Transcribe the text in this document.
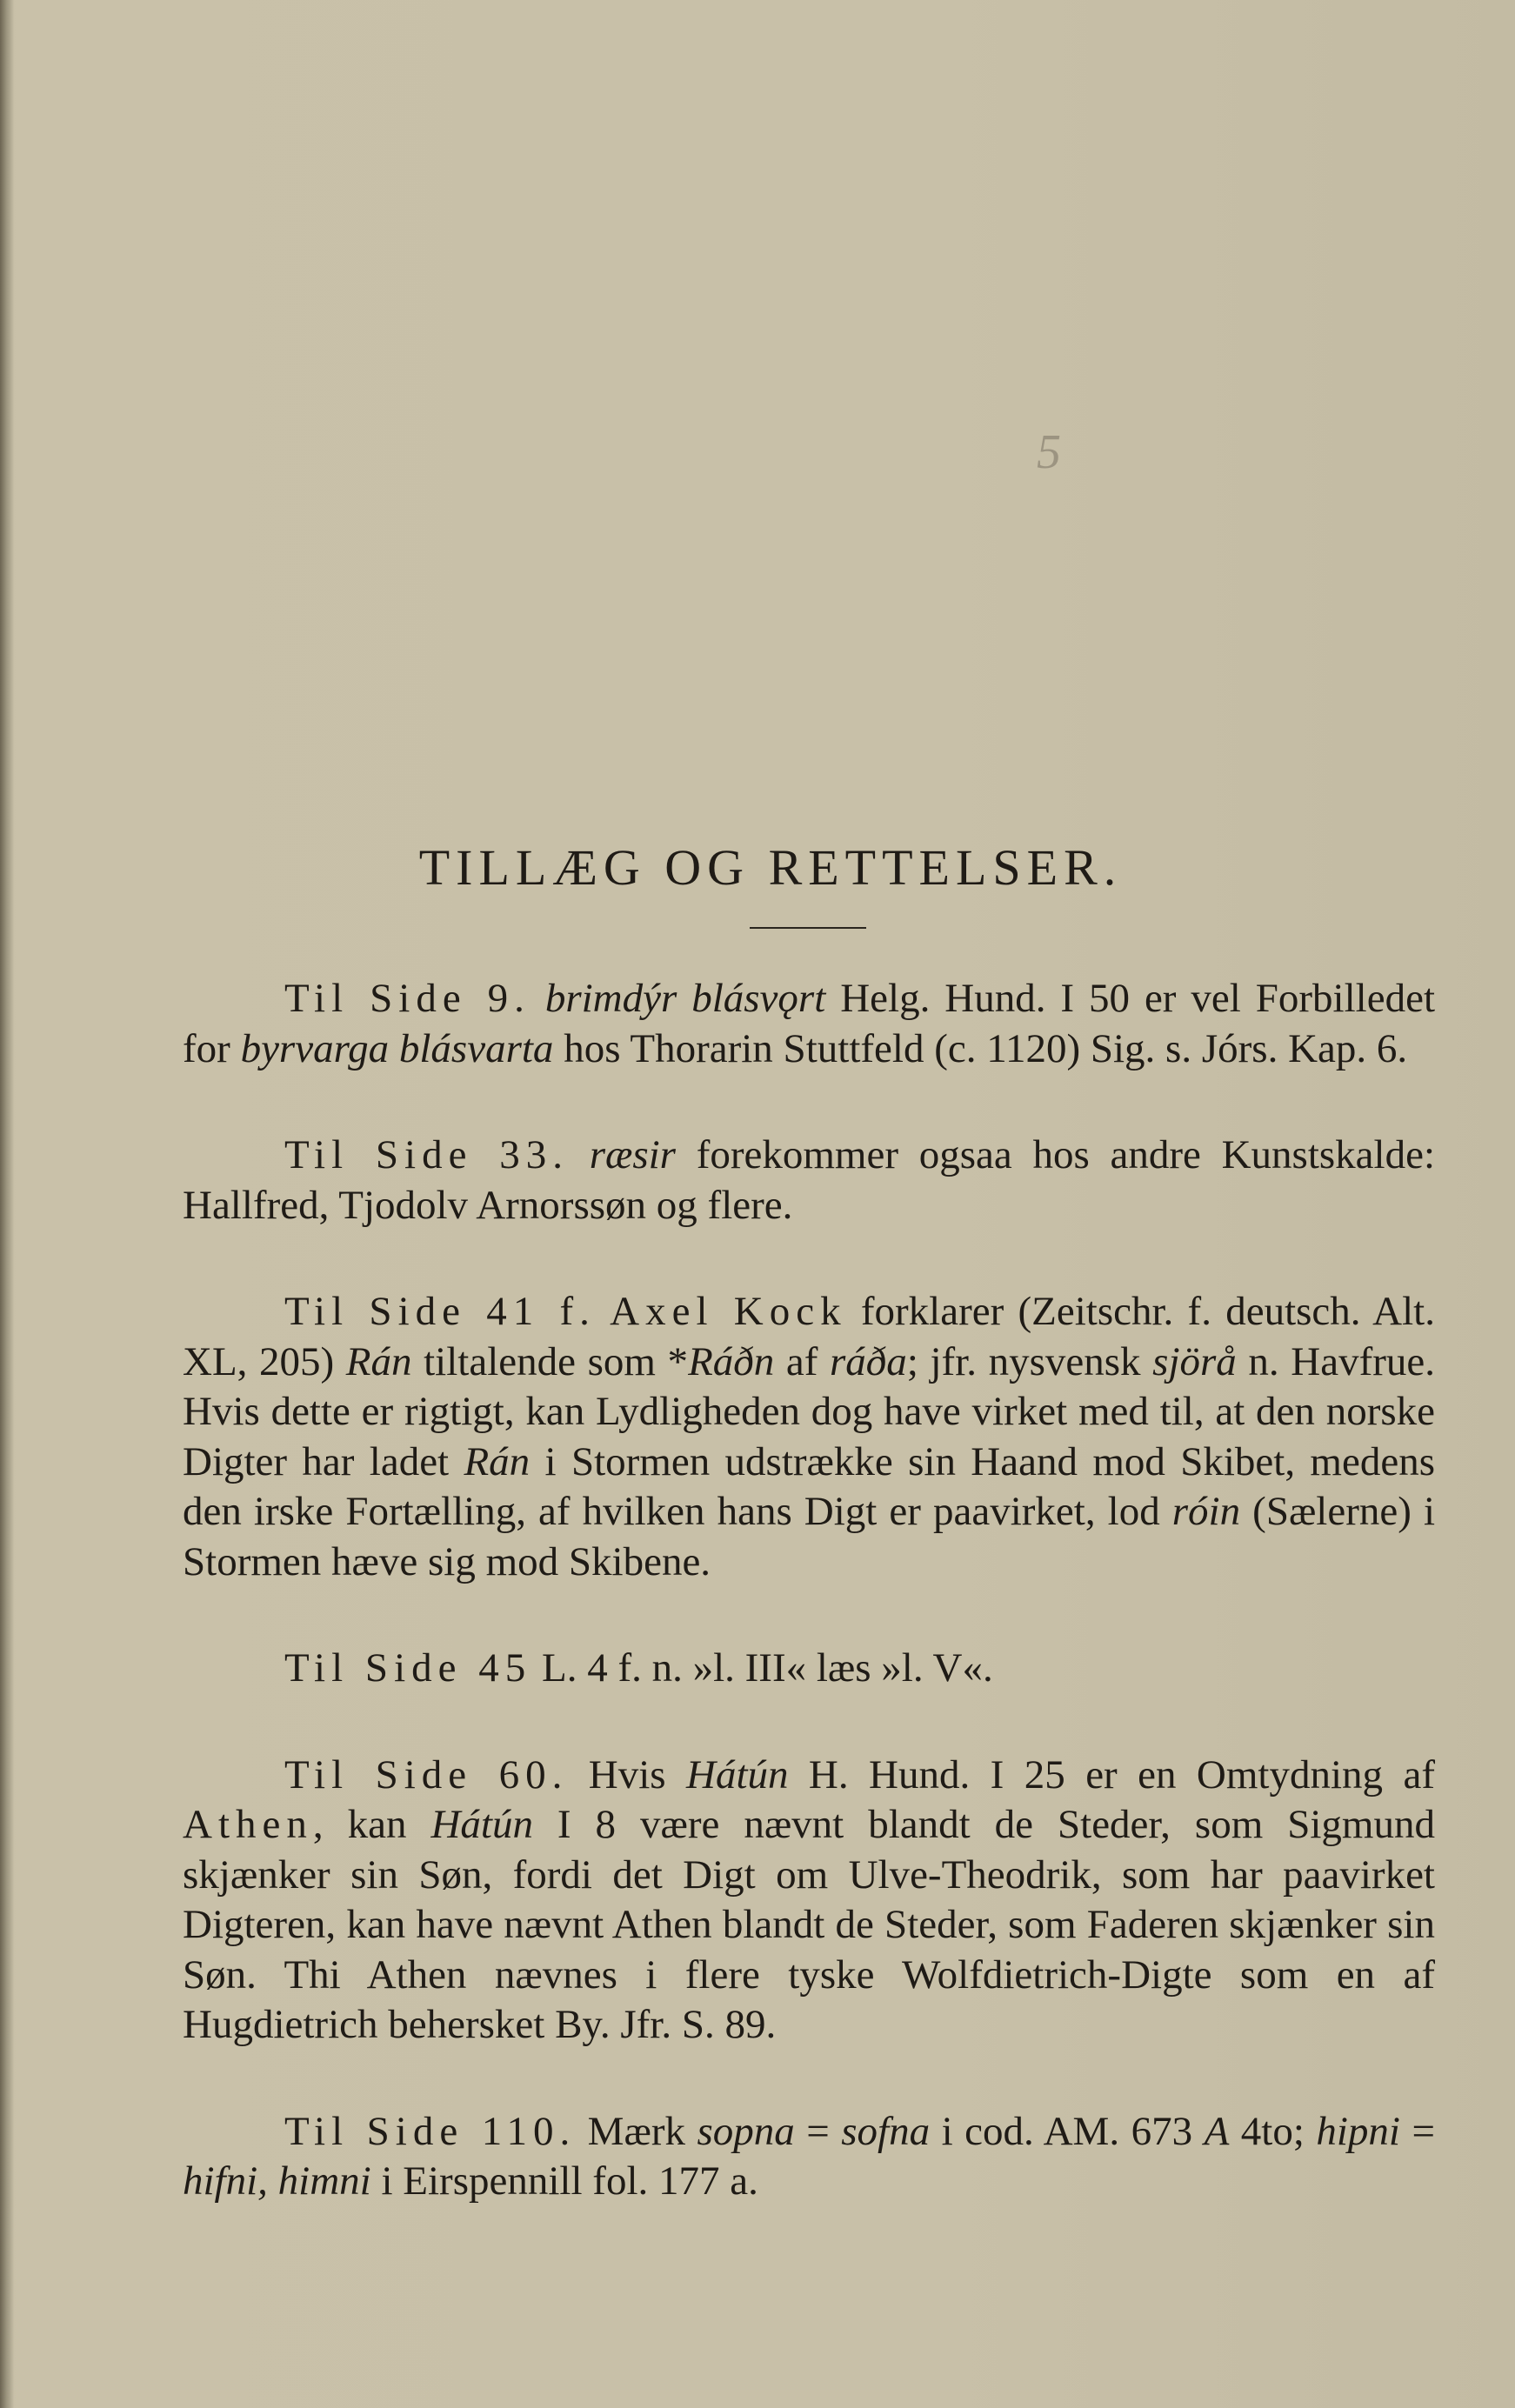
5
TILLÆG OG RETTELSER.

Til Side 9. brimdýr blásvǫrt Helg. Hund. I 50 er vel Forbilledet for byrvarga blásvarta hos Thorarin Stuttfeld (c. 1120) Sig. s. Jórs. Kap. 6.

Til Side 33. ræsir forekommer ogsaa hos andre Kunstskalde: Hallfred, Tjodolv Arnorssøn og flere.

Til Side 41 f. Axel Kock forklarer (Zeitschr. f. deutsch. Alt. XL, 205) Rán tiltalende som *Ráðn af ráða; jfr. nysvensk sjörå n. Havfrue. Hvis dette er rigtigt, kan Lydligheden dog have virket med til, at den norske Digter har ladet Rán i Stormen udstrække sin Haand mod Skibet, medens den irske Fortælling, af hvilken hans Digt er paavirket, lod róin (Sælerne) i Stormen hæve sig mod Skibene.

Til Side 45 L. 4 f. n. »l. III« læs »l. V«.

Til Side 60. Hvis Hátún H. Hund. I 25 er en Omtydning af Athen, kan Hátún I 8 være nævnt blandt de Steder, som Sigmund skjænker sin Søn, fordi det Digt om Ulve-Theodrik, som har paavirket Digteren, kan have nævnt Athen blandt de Steder, som Faderen skjænker sin Søn. Thi Athen nævnes i flere tyske Wolfdietrich-Digte som en af Hugdietrich behersket By. Jfr. S. 89.

Til Side 110. Mærk sopna = sofna i cod. AM. 673 A 4to; hipni = hifni, himni i Eirspennill fol. 177 a.
